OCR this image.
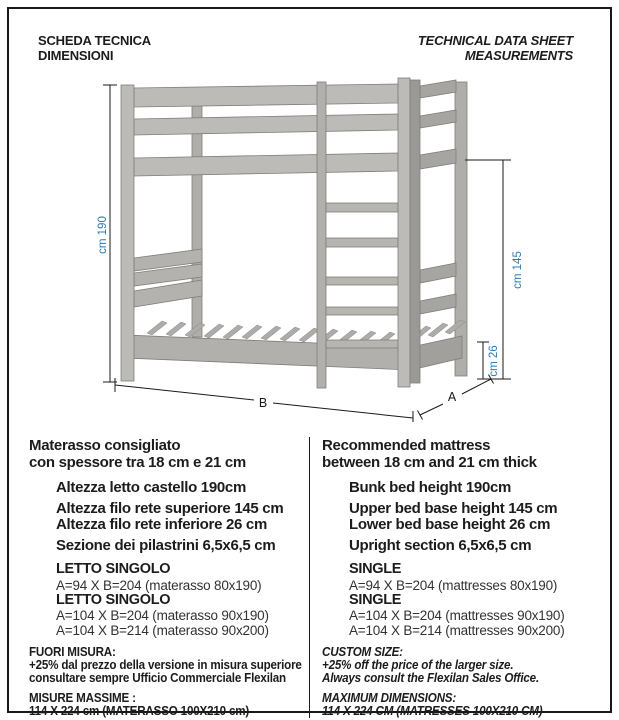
SCHEDA TECNICA
DIMENSIONI
TECHNICAL DATA SHEET
MEASUREMENTS
cm 190
cm 145
cm 26
B	A
Materasso consigliato
con spessore tra 18 cm e 21 cm
Altezza letto castello 190cm
Altezza filo rete superiore 145 cm
Altezza filo rete inferiore 26 cm
Sezione dei pilastrini 6,5x6,5 cm
LETTO SINGOLO
A=94 X B=204 (materasso 80x190)
LETTO SINGOLO
A=104 X B=204 (materasso 90x190)
A=104 X B=214 (materasso 90x200)
FUORI MISURA:
+25% dal prezzo della versione in misura superiore
consultare sempre Ufficio Commerciale Flexilan
MISURE MASSIME :
114 X 224 cm (MATERASSO 100X210 cm)
Recommended mattress
between 18 cm and 21 cm thick
Bunk bed height 190cm
Upper bed base height 145 cm
Lower bed base height 26 cm
Upright section 6,5x6,5 cm
SINGLE
A=94 X B=204 (mattresses 80x190)
SINGLE
A=104 X B=204 (mattresses 90x190)
A=104 X B=214 (mattresses 90x200)
CUSTOM SIZE:
+25% off the price of the larger size.
Always consult the Flexilan Sales Office.
MAXIMUM DIMENSIONS:
114 X 224 CM (MATRESSES 100X210 CM)
